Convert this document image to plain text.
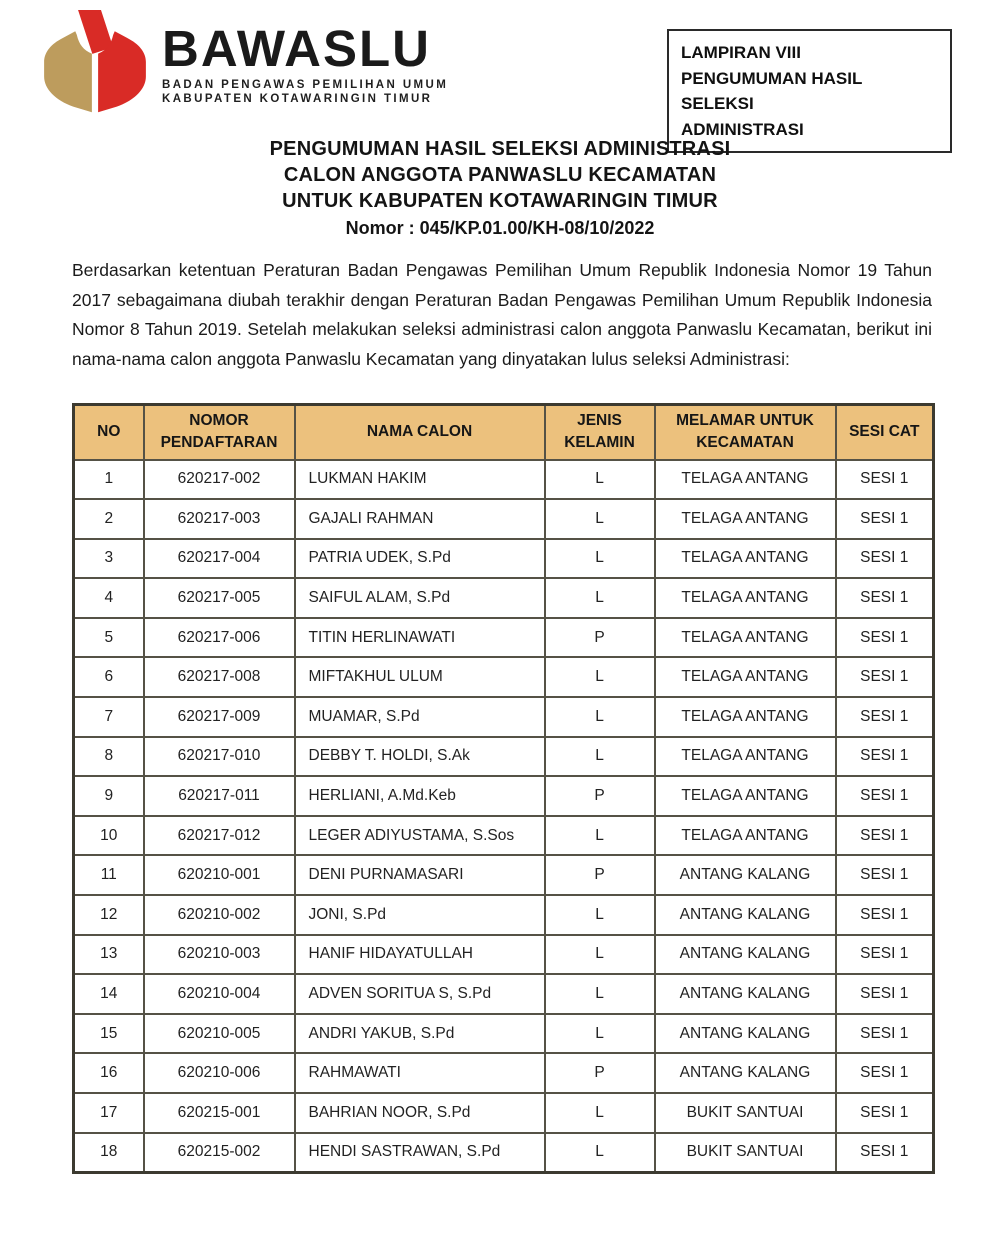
BAWASLU
BADAN PENGAWAS PEMILIHAN UMUM
KABUPATEN KOTAWARINGIN TIMUR
LAMPIRAN VIII
PENGUMUMAN HASIL SELEKSI
ADMINISTRASI
PENGUMUMAN HASIL SELEKSI ADMINISTRASI
CALON ANGGOTA PANWASLU KECAMATAN
UNTUK KABUPATEN KOTAWARINGIN TIMUR
Nomor : 045/KP.01.00/KH-08/10/2022

Berdasarkan ketentuan Peraturan Badan Pengawas Pemilihan Umum Republik Indonesia Nomor 19 Tahun 2017 sebagaimana diubah terakhir dengan Peraturan Badan Pengawas Pemilihan Umum Republik Indonesia Nomor 8 Tahun 2019. Setelah melakukan seleksi administrasi calon anggota Panwaslu Kecamatan, berikut ini nama-nama calon anggota Panwaslu Kecamatan yang dinyatakan lulus seleksi Administrasi:

NO	NOMOR PENDAFTARAN	NAMA CALON	JENIS KELAMIN	MELAMAR UNTUK KECAMATAN	SESI CAT
1	620217-002	LUKMAN HAKIM	L	TELAGA ANTANG	SESI 1
2	620217-003	GAJALI RAHMAN	L	TELAGA ANTANG	SESI 1
3	620217-004	PATRIA UDEK, S.Pd	L	TELAGA ANTANG	SESI 1
4	620217-005	SAIFUL ALAM, S.Pd	L	TELAGA ANTANG	SESI 1
5	620217-006	TITIN HERLINAWATI	P	TELAGA ANTANG	SESI 1
6	620217-008	MIFTAKHUL ULUM	L	TELAGA ANTANG	SESI 1
7	620217-009	MUAMAR, S.Pd	L	TELAGA ANTANG	SESI 1
8	620217-010	DEBBY T. HOLDI, S.Ak	L	TELAGA ANTANG	SESI 1
9	620217-011	HERLIANI, A.Md.Keb	P	TELAGA ANTANG	SESI 1
10	620217-012	LEGER ADIYUSTAMA, S.Sos	L	TELAGA ANTANG	SESI 1
11	620210-001	DENI PURNAMASARI	P	ANTANG KALANG	SESI 1
12	620210-002	JONI, S.Pd	L	ANTANG KALANG	SESI 1
13	620210-003	HANIF HIDAYATULLAH	L	ANTANG KALANG	SESI 1
14	620210-004	ADVEN SORITUA S, S.Pd	L	ANTANG KALANG	SESI 1
15	620210-005	ANDRI YAKUB, S.Pd	L	ANTANG KALANG	SESI 1
16	620210-006	RAHMAWATI	P	ANTANG KALANG	SESI 1
17	620215-001	BAHRIAN NOOR, S.Pd	L	BUKIT SANTUAI	SESI 1
18	620215-002	HENDI SASTRAWAN, S.Pd	L	BUKIT SANTUAI	SESI 1
